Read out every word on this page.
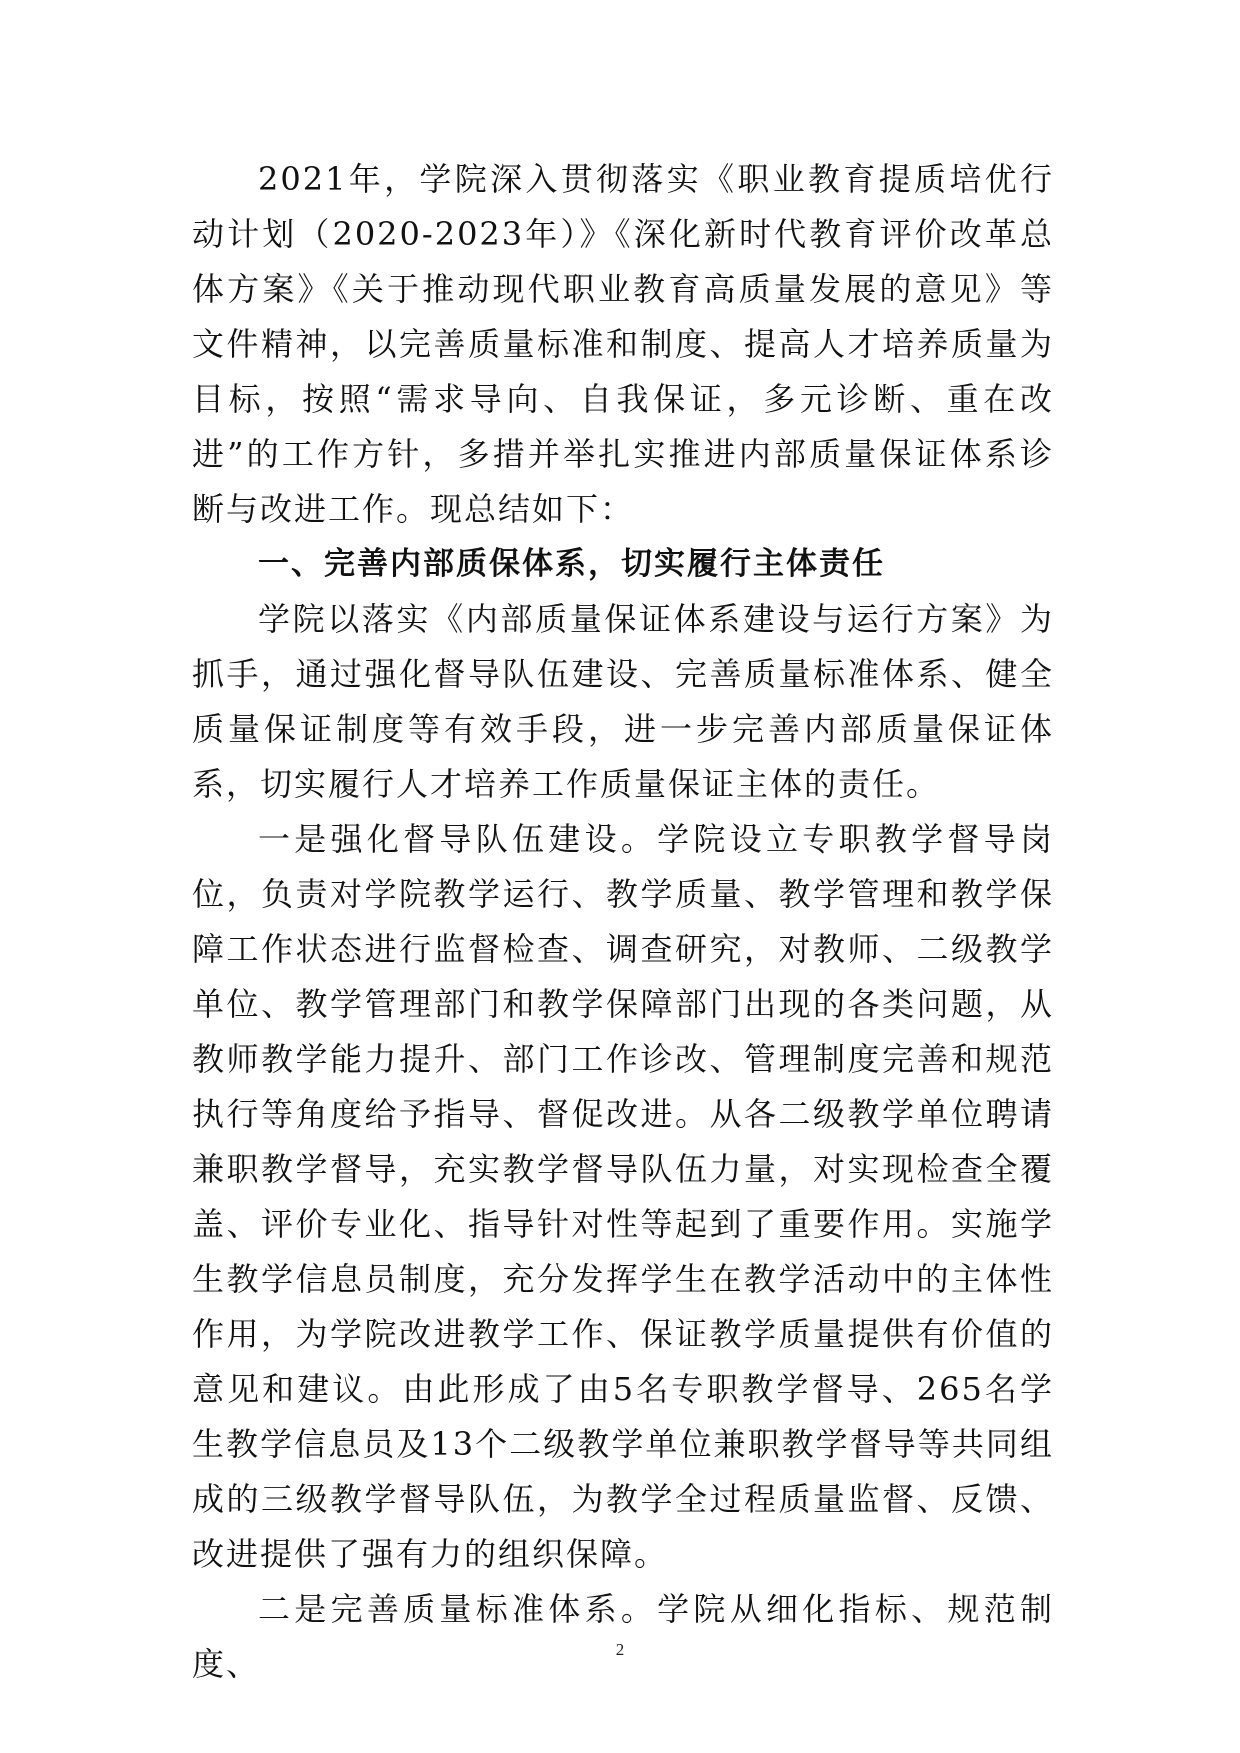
2021年，学院深入贯彻落实《职业教育提质培优行动计划（2020-2023年）》《深化新时代教育评价改革总体方案》《关于推动现代职业教育高质量发展的意见》等文件精神，以完善质量标准和制度、提高人才培养质量为目标，按照“需求导向、自我保证，多元诊断、重在改进”的工作方针，多措并举扎实推进内部质量保证体系诊断与改进工作。现总结如下：

一、完善内部质保体系，切实履行主体责任

学院以落实《内部质量保证体系建设与运行方案》为抓手，通过强化督导队伍建设、完善质量标准体系、健全质量保证制度等有效手段，进一步完善内部质量保证体系，切实履行人才培养工作质量保证主体的责任。

一是强化督导队伍建设。学院设立专职教学督导岗位，负责对学院教学运行、教学质量、教学管理和教学保障工作状态进行监督检查、调查研究，对教师、二级教学单位、教学管理部门和教学保障部门出现的各类问题，从教师教学能力提升、部门工作诊改、管理制度完善和规范执行等角度给予指导、督促改进。从各二级教学单位聘请兼职教学督导，充实教学督导队伍力量，对实现检查全覆盖、评价专业化、指导针对性等起到了重要作用。实施学生教学信息员制度，充分发挥学生在教学活动中的主体性作用，为学院改进教学工作、保证教学质量提供有价值的意见和建议。由此形成了由5名专职教学督导、265名学生教学信息员及13个二级教学单位兼职教学督导等共同组成的三级教学督导队伍，为教学全过程质量监督、反馈、改进提供了强有力的组织保障。

二是完善质量标准体系。学院从细化指标、规范制度、	2
